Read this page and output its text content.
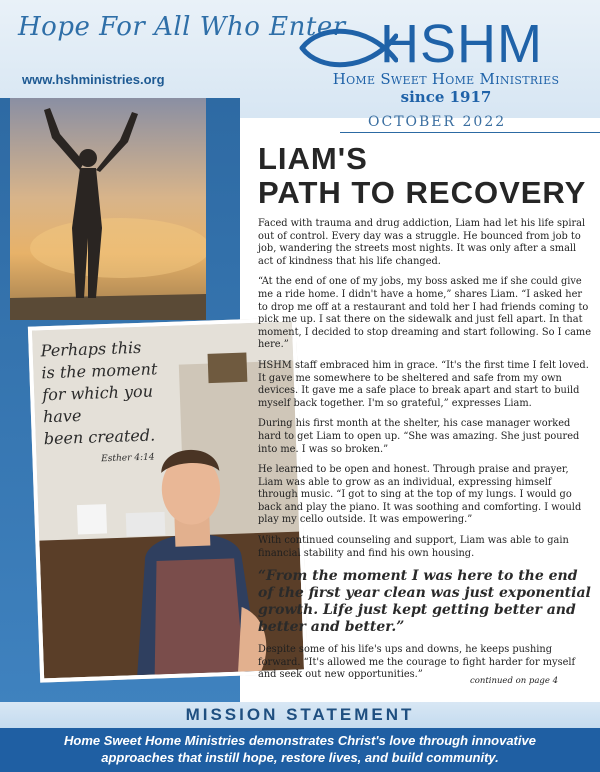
Hope For All Who Enter
www.hshministries.org
HSHM
Home Sweet Home Ministries
since 1917
OCTOBER 2022
Perhaps this
is the moment
for which you have
been created.
Esther 4:14
LIAM'S
PATH TO RECOVERY

Faced with trauma and drug addiction, Liam had let his life spiral out of control. Every day was a struggle. He bounced from job to job, wandering the streets most nights. It was only after a small act of kindness that his life changed.

“At the end of one of my jobs, my boss asked me if she could give me a ride home. I didn't have a home,” shares Liam. “I asked her to drop me off at a restaurant and told her I had friends coming to pick me up. I sat there on the sidewalk and just fell apart. In that moment, I decided to stop dreaming and start following. So I came here.”

HSHM staff embraced him in grace. “It's the first time I felt loved. It gave me somewhere to be sheltered and safe from my own devices. It gave me a safe place to break apart and start to build myself back together. I'm so grateful,” expresses Liam.

During his first month at the shelter, his case manager worked hard to get Liam to open up. “She was amazing. She just poured into me. I was so broken.”

He learned to be open and honest. Through praise and prayer, Liam was able to grow as an individual, expressing himself through music. “I got to sing at the top of my lungs. I would go back and play the piano. It was soothing and comforting. I would play my cello outside. It was empowering.”

With continued counseling and support, Liam was able to gain financial stability and find his own housing.

“From the moment I was here to the end of the first year clean was just exponential growth. Life just kept getting better and better and better.”

Despite some of his life's ups and downs, he keeps pushing forward. “It's allowed me the courage to fight harder for myself and seek out new opportunities.”

continued on page 4
MISSION STATEMENT
Home Sweet Home Ministries demonstrates Christ's love through innovative approaches that instill hope, restore lives, and build community.
